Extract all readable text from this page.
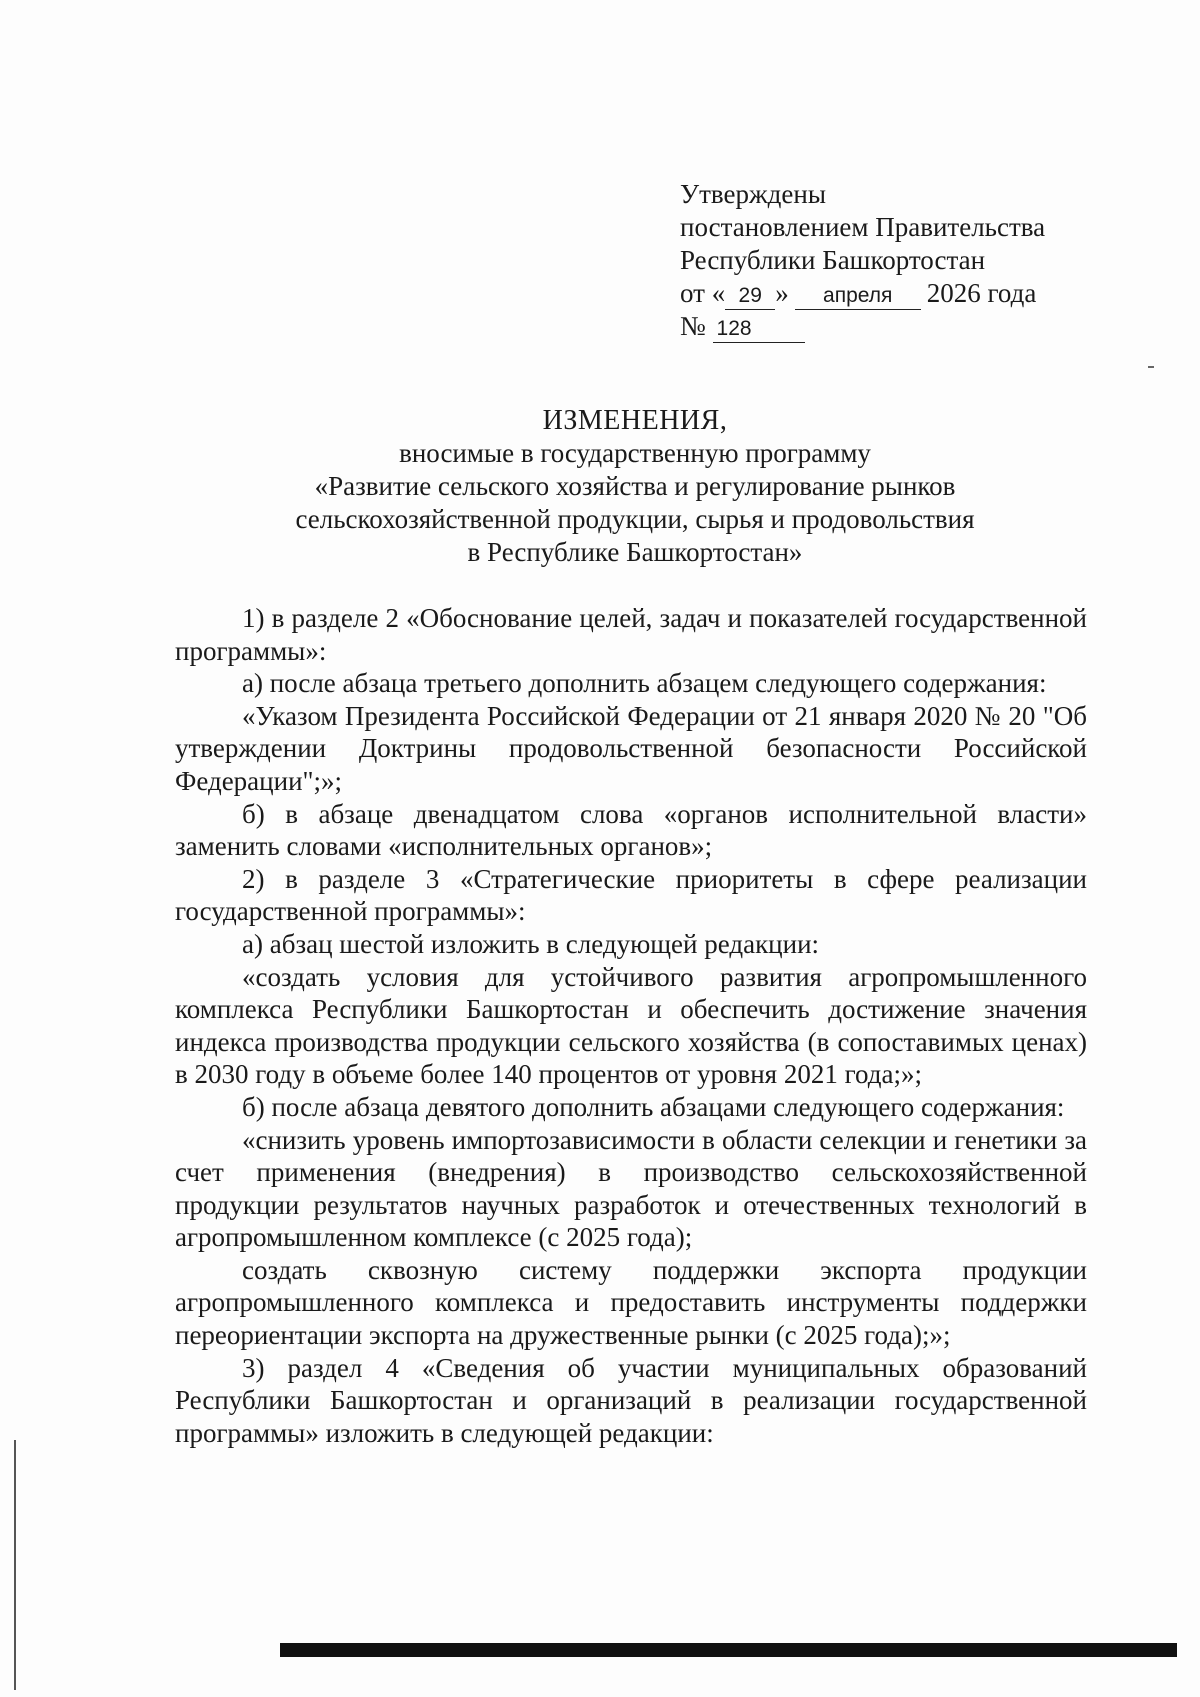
Утверждены
постановлением Правительства
Республики Башкортостан
от « 29 » апреля 2026 года
№ 128
ИЗМЕНЕНИЯ,
вносимые в государственную программу
«Развитие сельского хозяйства и регулирование рынков
сельскохозяйственной продукции, сырья и продовольствия
в Республике Башкортостан»

1) в разделе 2 «Обоснование целей, задач и показателей государственной программы»:

а) после абзаца третьего дополнить абзацем следующего содержания:

«Указом Президента Российской Федерации от 21 января 2020 № 20 "Об утверждении Доктрины продовольственной безопасности Российской Федерации";»;

б) в абзаце двенадцатом слова «органов исполнительной власти» заменить словами «исполнительных органов»;

2) в разделе 3 «Стратегические приоритеты в сфере реализации государственной программы»:

а) абзац шестой изложить в следующей редакции:

«создать условия для устойчивого развития агропромышленного комплекса Республики Башкортостан и обеспечить достижение значения индекса производства продукции сельского хозяйства (в сопоставимых ценах) в 2030 году в объеме более 140 процентов от уровня 2021 года;»;

б) после абзаца девятого дополнить абзацами следующего содержания:

«снизить уровень импортозависимости в области селекции и генетики за счет применения (внедрения) в производство сельскохозяйственной продукции результатов научных разработок и отечественных технологий в агропромышленном комплексе (с 2025 года);

создать сквозную систему поддержки экспорта продукции агропромышленного комплекса и предоставить инструменты поддержки переориентации экспорта на дружественные рынки (с 2025 года);»;

3) раздел 4 «Сведения об участии муниципальных образований Республики Башкортостан и организаций в реализации государственной программы» изложить в следующей редакции:
